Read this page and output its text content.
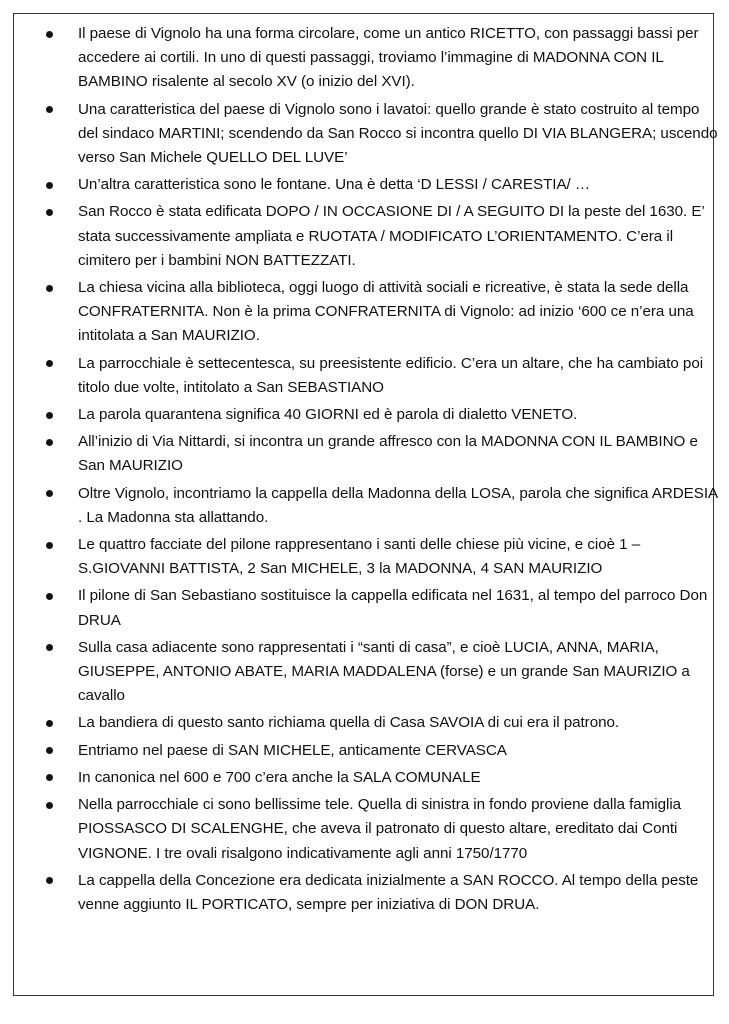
Il paese di Vignolo ha una forma circolare, come un antico RICETTO, con passaggi bassi per accedere ai cortili. In uno di questi passaggi, troviamo l’immagine di MADONNA CON IL BAMBINO risalente al secolo XV (o inizio del XVI).
Una caratteristica del paese di Vignolo sono i lavatoi: quello grande è stato costruito al tempo del sindaco MARTINI; scendendo da San Rocco si incontra quello DI VIA BLANGERA; uscendo verso San Michele QUELLO DEL LUVE’
Un’altra caratteristica sono le fontane. Una è detta ‘D LESSI / CARESTIA/ …
San Rocco è stata edificata DOPO / IN OCCASIONE DI / A SEGUITO DI la peste del 1630. E’ stata successivamente ampliata e RUOTATA / MODIFICATO L’ORIENTAMENTO. C’era il cimitero per i bambini NON BATTEZZATI.
La chiesa vicina alla biblioteca, oggi luogo di attività sociali e ricreative, è stata la sede della CONFRATERNITA. Non è la prima CONFRATERNITA di Vignolo: ad inizio ‘600 ce n’era una intitolata a San MAURIZIO.
La parrocchiale è settecentesca, su preesistente edificio. C’era un altare, che ha cambiato poi titolo due volte, intitolato a San SEBASTIANO
La parola quarantena significa 40 GIORNI ed è parola di dialetto VENETO.
All’inizio di Via Nittardi, si incontra un grande affresco con la MADONNA CON IL BAMBINO e San MAURIZIO
Oltre Vignolo, incontriamo la cappella della Madonna della LOSA, parola che significa ARDESIA . La Madonna sta allattando.
Le quattro facciate del pilone rappresentano i santi delle chiese più vicine, e cioè 1 – S.GIOVANNI BATTISTA, 2 San MICHELE, 3 la MADONNA, 4 SAN MAURIZIO
Il pilone di San Sebastiano sostituisce la cappella edificata nel 1631, al tempo del parroco Don DRUA
Sulla casa adiacente sono rappresentati i “santi di casa”, e cioè LUCIA, ANNA, MARIA, GIUSEPPE, ANTONIO ABATE, MARIA MADDALENA (forse) e un grande San MAURIZIO a cavallo
La bandiera di questo santo richiama quella di Casa SAVOIA di cui era il patrono.
Entriamo nel paese di SAN MICHELE, anticamente CERVASCA
In canonica nel 600 e 700 c’era anche la SALA COMUNALE
Nella parrocchiale ci sono bellissime tele. Quella di sinistra in fondo proviene dalla famiglia PIOSSASCO DI SCALENGHE, che aveva il patronato di questo altare, ereditato dai Conti VIGNONE. I tre ovali risalgono indicativamente agli anni 1750/1770
La cappella della Concezione era dedicata inizialmente a SAN ROCCO. Al tempo della peste venne aggiunto IL PORTICATO, sempre per iniziativa di DON DRUA.
